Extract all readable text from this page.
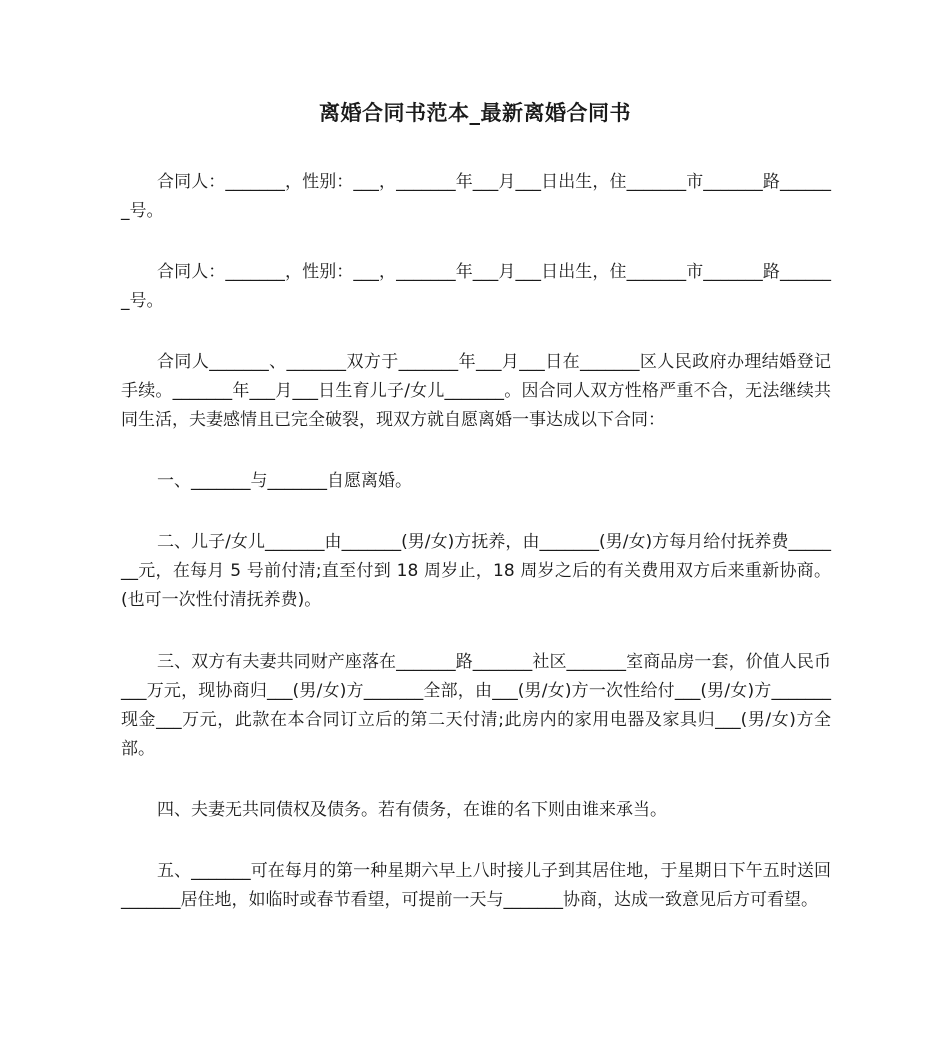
离婚合同书范本_最新离婚合同书

合同人：_______，性别：___，_______年___月___日出生，住_______市_______路_______号。

合同人：_______，性别：___，_______年___月___日出生，住_______市_______路_______号。

合同人_______、_______双方于_______年___月___日在_______区人民政府办理结婚登记手续。_______年___月___日生育儿子/女儿_______。因合同人双方性格严重不合，无法继续共同生活，夫妻感情且已完全破裂，现双方就自愿离婚一事达成以下合同：

一、_______与_______自愿离婚。

二、儿子/女儿_______由_______(男/女)方抚养，由_______(男/女)方每月给付抚养费_______元，在每月 5 号前付清;直至付到 18 周岁止，18 周岁之后的有关费用双方后来重新协商。(也可一次性付清抚养费)。

三、双方有夫妻共同财产座落在_______路_______社区_______室商品房一套，价值人民币___万元，现协商归___(男/女)方_______全部，由___(男/女)方一次性给付___(男/女)方_______现金___万元，此款在本合同订立后的第二天付清;此房内的家用电器及家具归___(男/女)方全部。

四、夫妻无共同债权及债务。若有债务，在谁的名下则由谁来承当。

五、_______可在每月的第一种星期六早上八时接儿子到其居住地，于星期日下午五时送回_______居住地，如临时或春节看望，可提前一天与_______协商，达成一致意见后方可看望。
